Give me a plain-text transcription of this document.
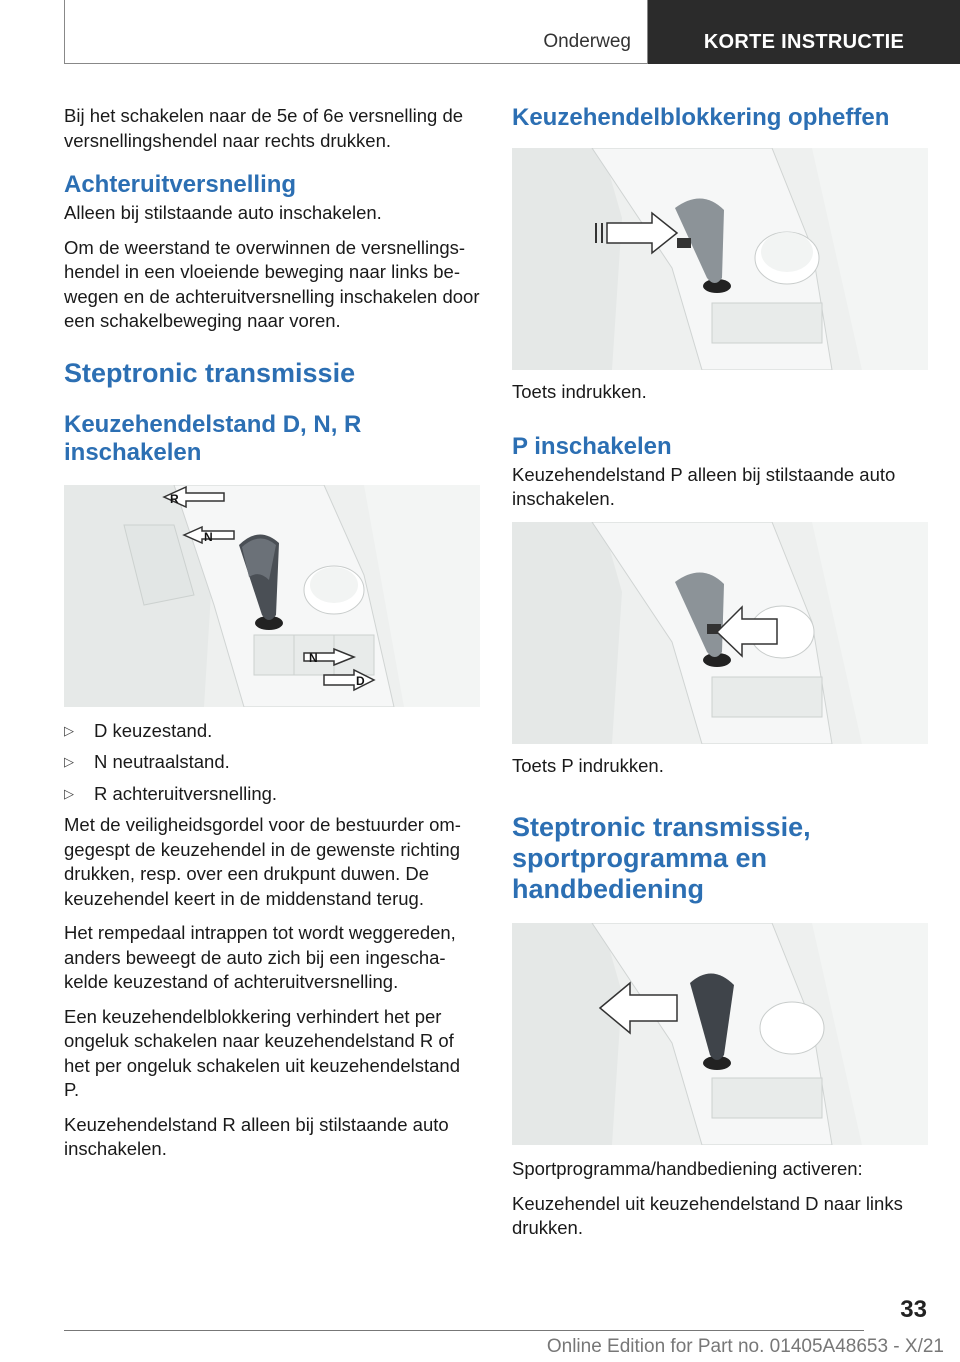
Onderweg	KORTE INSTRUCTIE

Bij het schakelen naar de 5e of 6e versnelling de versnellingshendel naar rechts drukken.

Achteruitversnelling

Alleen bij stilstaande auto inschakelen.

Om de weerstand te overwinnen de versnellingshendel in een vloeiende beweging naar links bewegen en de achteruitversnelling inschakelen door een schakelbeweging naar voren.

Steptronic transmissie
Keuzehendelstand D, N, R inschakelen
R
N
N
D
▷ D keuzestand.
▷ N neutraalstand.
▷ R achteruitversnelling.

Met de veiligheidsgordel voor de bestuurder omgegespt de keuzehendel in de gewenste richting drukken, resp. over een drukpunt duwen. De keuzehendel keert in de middenstand terug.

Het rempedaal intrappen tot wordt weggereden, anders beweegt de auto zich bij een ingeschakelde keuzestand of achteruitversnelling.

Een keuzehendelblokkering verhindert het per ongeluk schakelen naar keuzehendelstand R of het per ongeluk schakelen uit keuzehendelstand P.

Keuzehendelstand R alleen bij stilstaande auto inschakelen.

Keuzehendelblokkering opheffen

Toets indrukken.

P inschakelen

Keuzehendelstand P alleen bij stilstaande auto inschakelen.

Toets P indrukken.

Steptronic transmissie, sportprogramma en handbediening

Sportprogramma/handbediening activeren:

Keuzehendel uit keuzehendelstand D naar links drukken.

33
Online Edition for Part no. 01405A48653 - X/21
